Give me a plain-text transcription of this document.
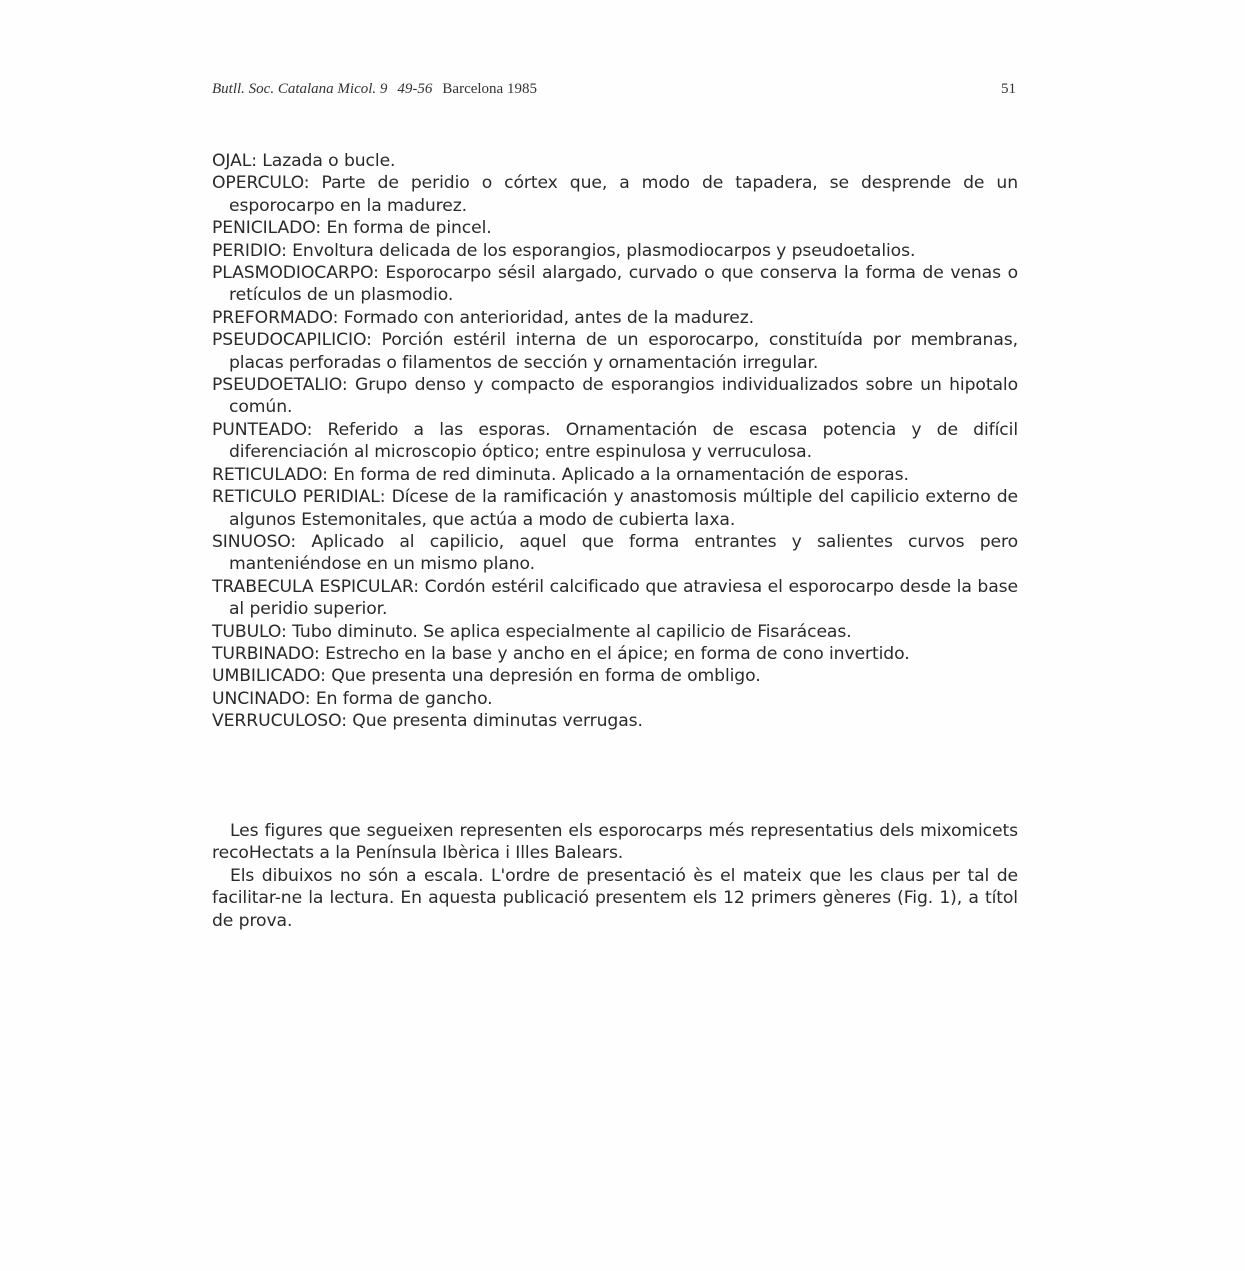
Butll. Soc. Catalana Micol. 9 49-56 Barcelona 1985	51

OJAL: Lazada o bucle.

OPERCULO: Parte de peridio o córtex que, a modo de tapadera, se desprende de un esporocarpo en la madurez.

PENICILADO: En forma de pincel.

PERIDIO: Envoltura delicada de los esporangios, plasmodiocarpos y pseudoetalios.

PLASMODIOCARPO: Esporocarpo sésil alargado, curvado o que conserva la forma de venas o retículos de un plasmodio.

PREFORMADO: Formado con anterioridad, antes de la madurez.

PSEUDOCAPILICIO: Porción estéril interna de un esporocarpo, constituída por membranas, placas perforadas o filamentos de sección y ornamentación irregular.

PSEUDOETALIO: Grupo denso y compacto de esporangios individualizados sobre un hipotalo común.

PUNTEADO: Referido a las esporas. Ornamentación de escasa potencia y de difícil diferenciación al microscopio óptico; entre espinulosa y verruculosa.

RETICULADO: En forma de red diminuta. Aplicado a la ornamentación de esporas.

RETICULO PERIDIAL: Dícese de la ramificación y anastomosis múltiple del capilicio externo de algunos Estemonitales, que actúa a modo de cubierta laxa.

SINUOSO: Aplicado al capilicio, aquel que forma entrantes y salientes curvos pero manteniéndose en un mismo plano.

TRABECULA ESPICULAR: Cordón estéril calcificado que atraviesa el esporocarpo desde la base al peridio superior.

TUBULO: Tubo diminuto. Se aplica especialmente al capilicio de Fisaráceas.

TURBINADO: Estrecho en la base y ancho en el ápice; en forma de cono invertido.

UMBILICADO: Que presenta una depresión en forma de ombligo.

UNCINADO: En forma de gancho.

VERRUCULOSO: Que presenta diminutas verrugas.

Les figures que segueixen representen els esporocarps més representatius dels mixomicets recoHectats a la Península Ibèrica i Illes Balears.

Els dibuixos no són a escala. L'ordre de presentació ès el mateix que les claus per tal de facilitar-ne la lectura. En aquesta publicació presentem els 12 primers gèneres (Fig. 1), a títol de prova.
